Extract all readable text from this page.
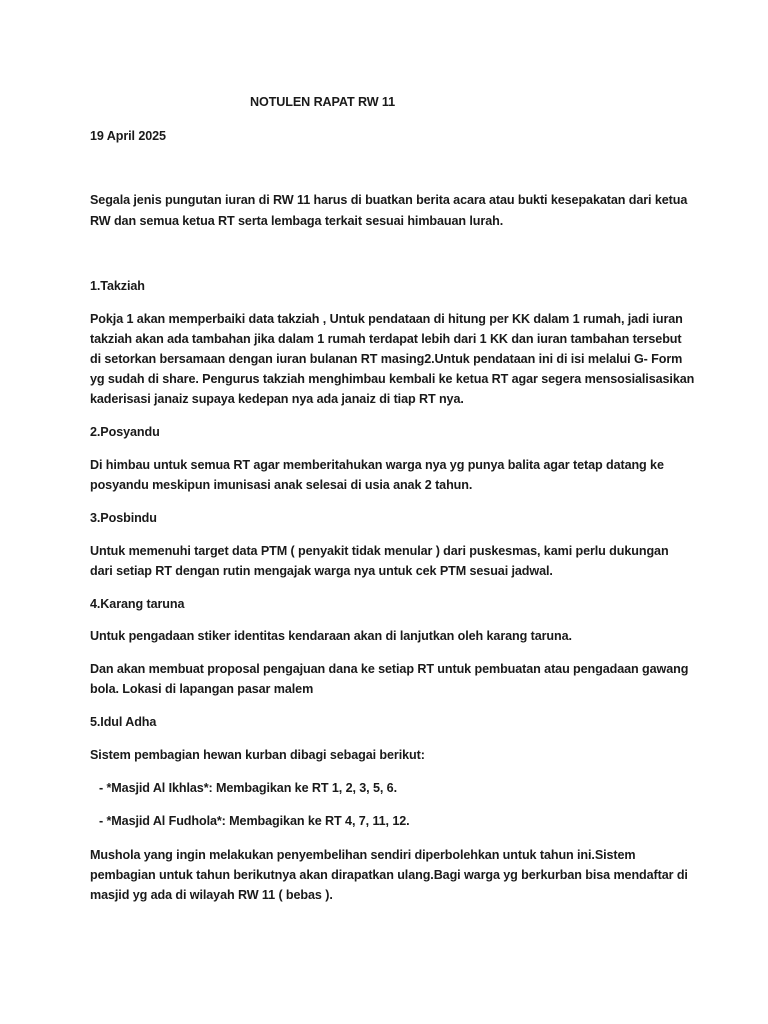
NOTULEN RAPAT RW 11
19 April 2025
Segala jenis pungutan iuran di RW 11 harus di buatkan berita acara atau bukti kesepakatan dari ketua
RW dan semua ketua RT serta lembaga terkait sesuai himbauan lurah.
1.Takziah
Pokja 1 akan memperbaiki data takziah , Untuk pendataan di hitung per KK dalam 1 rumah, jadi iuran
takziah akan ada tambahan jika dalam 1 rumah terdapat lebih dari 1 KK dan iuran tambahan tersebut
di setorkan bersamaan dengan iuran bulanan RT masing2.Untuk pendataan ini di isi melalui G- Form
yg sudah di share. Pengurus takziah menghimbau kembali ke ketua RT agar segera mensosialisasikan
kaderisasi janaiz supaya kedepan nya ada janaiz di tiap RT nya.
2.Posyandu
Di himbau untuk semua RT agar memberitahukan warga nya yg punya balita agar tetap datang ke
posyandu meskipun imunisasi anak selesai di usia anak 2 tahun.
3.Posbindu
Untuk memenuhi target data PTM ( penyakit tidak menular ) dari puskesmas, kami perlu dukungan
dari setiap RT dengan rutin mengajak warga nya untuk cek PTM sesuai jadwal.
4.Karang taruna
Untuk pengadaan stiker identitas kendaraan akan di lanjutkan oleh karang taruna.
Dan akan membuat proposal pengajuan dana ke setiap RT untuk pembuatan atau pengadaan gawang
bola. Lokasi di lapangan pasar malem
5.Idul Adha
Sistem pembagian hewan kurban dibagi sebagai berikut:
- *Masjid Al Ikhlas*: Membagikan ke RT 1, 2, 3, 5, 6.
- *Masjid Al Fudhola*: Membagikan ke RT 4, 7, 11, 12.
Mushola yang ingin melakukan penyembelihan sendiri diperbolehkan untuk tahun ini.Sistem
pembagian untuk tahun berikutnya akan dirapatkan ulang.Bagi warga yg berkurban bisa mendaftar di
masjid yg ada di wilayah RW 11 ( bebas ).
